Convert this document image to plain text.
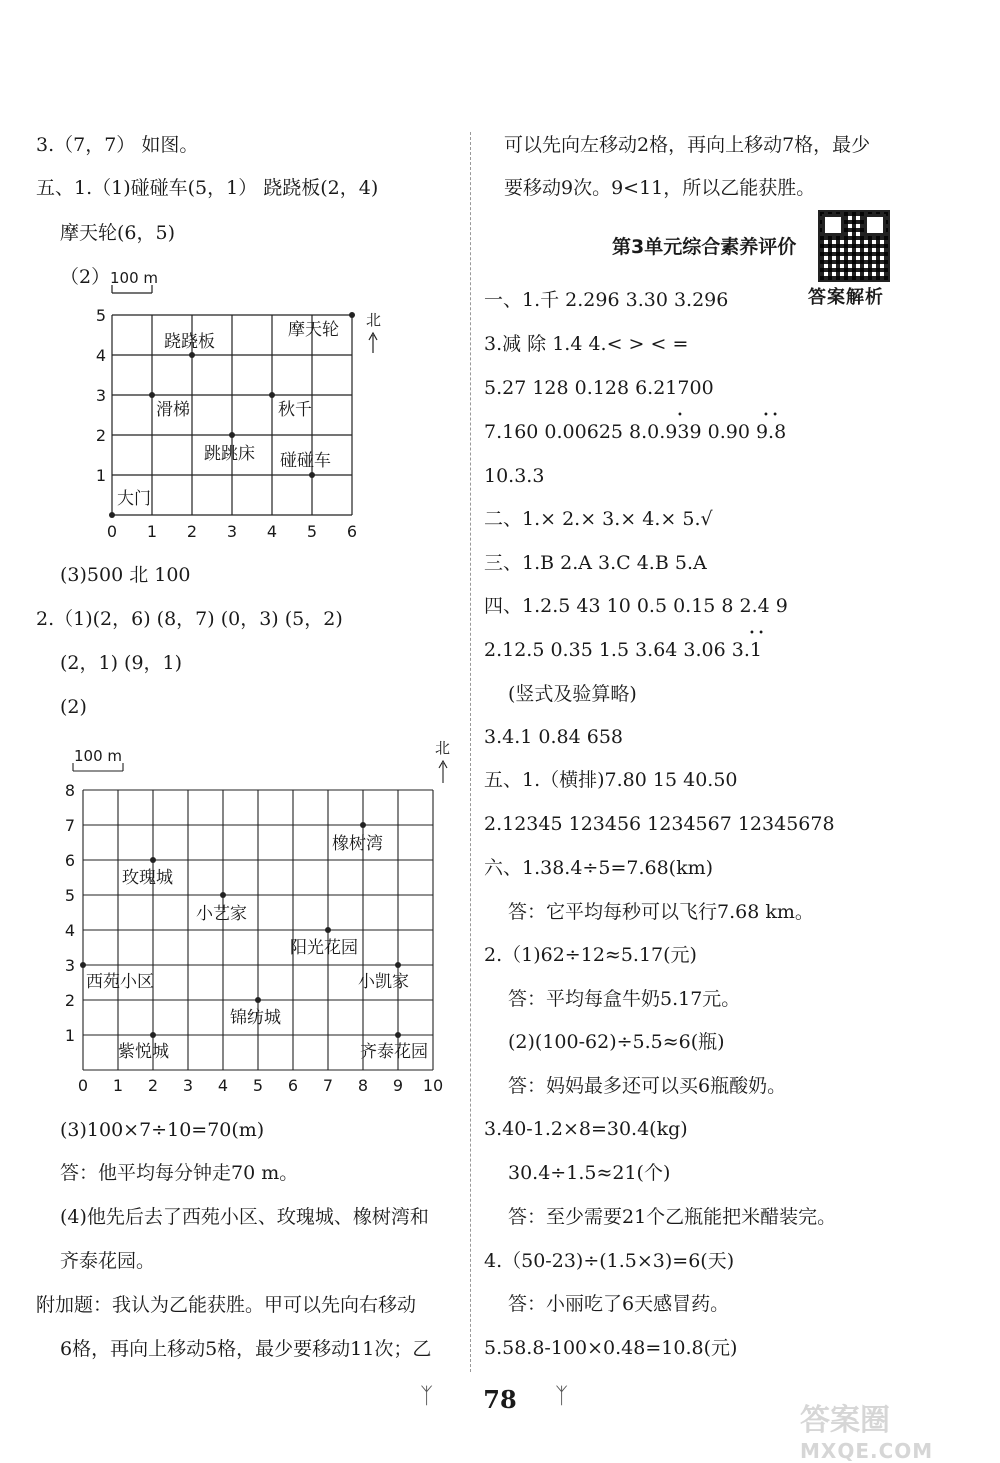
3.（7，7） 如图。
五、1.（1)碰碰车(5，1） 跷跷板(2，4)
摩天轮(6，5)
（2） 100 m
北
跷跷板
摩天轮
滑梯	秋千
跳跳床 碰碰车
大门
0 1 2 3 4 5 6
1
2
3
4
5
(3)500 北 100
2.（1)(2，6) (8，7) (0，3) (5，2)
(2，1) (9，1)
(2)
100 m	北
橡树湾
玫瑰城
小艺家
阳光花园
西苑小区	小凯家
锦纺城
紫悦城	齐泰花园
0 1 2 3 4 5 6 7 8 9 10
1
2
3
4
5
6
7
8
(3)100×7÷10=70(m)
答：他平均每分钟走70 m。
(4)他先后去了西苑小区、玫瑰城、橡树湾和
齐泰花园。
附加题：我认为乙能获胜。甲可以先向右移动
6格，再向上移动5格，最少要移动11次；乙
可以先向左移动2格，再向上移动7格，最少
要移动9次。9<11，所以乙能获胜。
第3单元综合素养评价
答案解析
一、1.千 2.296 3.30 3.296
3.减 除 1.4 4.< > < =
5.27 128 0.128 6.21700
•	• •
7.160 0.00625 8.0.939 0.90 9.8
10.3.3
二、1.× 2.× 3.× 4.× 5.√
三、1.B 2.A 3.C 4.B 5.A
四、1.2.5 43 10 0.5 0.15 8 2.4 9
• •
2.12.5 0.35 1.5 3.64 3.06 3.1
(竖式及验算略)
3.4.1 0.84 658
五、1.（横排)7.80 15 40.50
2.12345 123456 1234567 12345678
六、1.38.4÷5=7.68(km)
答：它平均每秒可以飞行7.68 km。
2.（1)62÷12≈5.17(元)
答：平均每盒牛奶5.17元。
(2)(100-62)÷5.5≈6(瓶)
答：妈妈最多还可以买6瓶酸奶。
3.40-1.2×8=30.4(kg)
30.4÷1.5≈21(个)
答：至少需要21个乙瓶能把米醋装完。
4.（50-23)÷(1.5×3)=6(天)
答：小丽吃了6天感冒药。
5.58.8-100×0.48=10.8(元)
ᛉ	78	ᛉ
答案圈
MXQE.COM
